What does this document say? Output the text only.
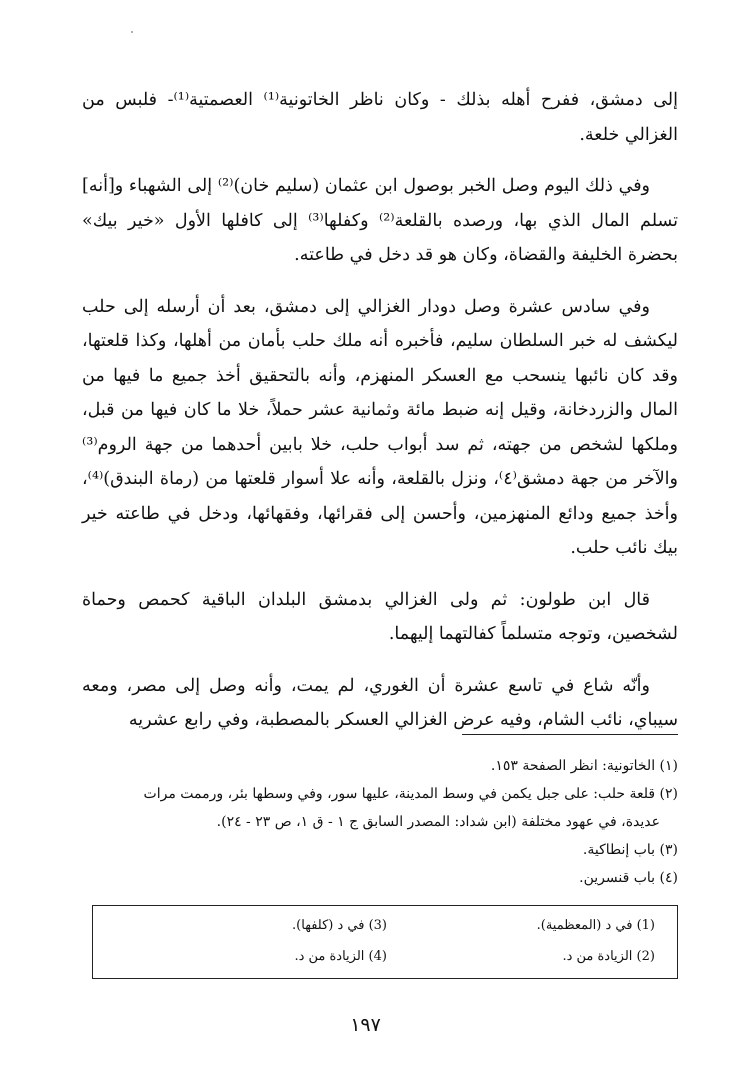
إلى دمشق، ففرح أهله بذلك - وكان ناظر الخاتونية⁽¹⁾ العصمتية⁽¹⁾- فلبس من الغزالي خلعة.

وفي ذلك اليوم وصل الخبر بوصول ابن عثمان (سليم خان)⁽²⁾ إلى الشهباء و[أنه] تسلم المال الذي بها، ورصده بالقلعة⁽²⁾ وكفلها⁽³⁾ إلى كافلها الأول «خير بيك» بحضرة الخليفة والقضاة، وكان هو قد دخل في طاعته.

وفي سادس عشرة وصل دودار الغزالي إلى دمشق، بعد أن أرسله إلى حلب ليكشف له خبر السلطان سليم، فأخبره أنه ملك حلب بأمان من أهلها، وكذا قلعتها، وقد كان نائبها ينسحب مع العسكر المنهزم، وأنه بالتحقيق أخذ جميع ما فيها من المال والزردخانة، وقيل إنه ضبط مائة وثمانية عشر حملاً، خلا ما كان فيها من قبل، وملكها لشخص من جهته، ثم سد أبواب حلب، خلا بابين أحدهما من جهة الروم⁽³⁾ والآخر من جهة دمشق⁽٤⁾، ونزل بالقلعة، وأنه علا أسوار قلعتها من (رماة البندق)⁽⁴⁾، وأخذ جميع ودائع المنهزمين، وأحسن إلى فقرائها، وفقهائها، ودخل في طاعته خير بيك نائب حلب.

قال ابن طولون: ثم ولى الغزالي بدمشق البلدان الباقية كحمص وحماة لشخصين، وتوجه متسلماً كفالتهما إليهما.

وأنّه شاع في تاسع عشرة أن الغوري، لم يمت، وأنه وصل إلى مصر، ومعه سيباي، نائب الشام، وفيه عرض الغزالي العسكر بالمصطبة، وفي رابع عشريه

(١) الخاتونية: انظر الصفحة ١٥٣.
(٢) قلعة حلب: على جبل يكمن في وسط المدينة، عليها سور، وفي وسطها بئر، ورممت مرات
عديدة، في عهود مختلفة (ابن شداد: المصدر السابق ج ١ - ق ١، ص ٢٣ - ٢٤).
(٣) باب إنطاكية.
(٤) باب قنسرين.
(1) في د (المعظمية).
(2) الزيادة من د.
(3) في د (كلفها).
(4) الزيادة من د.
١٩٧
